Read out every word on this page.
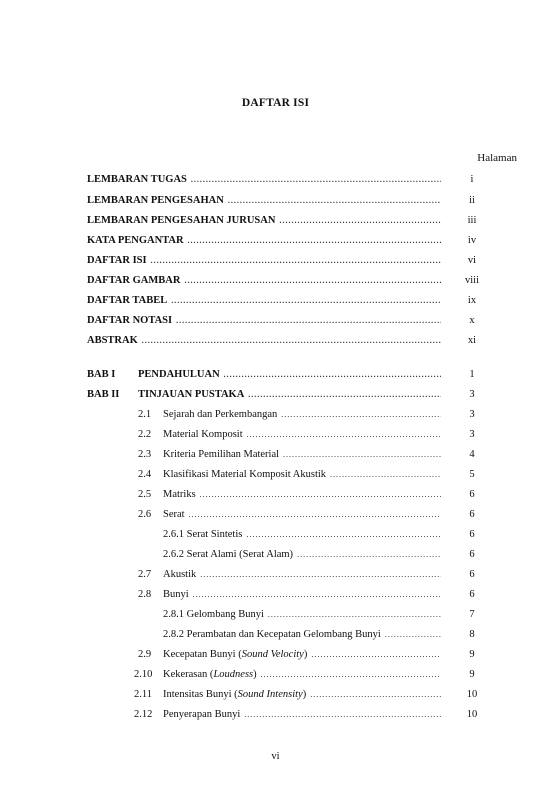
DAFTAR ISI
Halaman
LEMBARAN TUGAS .....	i
LEMBARAN PENGESAHAN .....	ii
LEMBARAN PENGESAHAN JURUSAN .....	iii
KATA PENGANTAR .....	iv
DAFTAR ISI .....	vi
DAFTAR GAMBAR .....	viii
DAFTAR TABEL .....	ix
DAFTAR NOTASI .....	x
ABSTRAK .....	xi
BAB I PENDAHULUAN .....	1
BAB II TINJAUAN PUSTAKA .....	3
2.1 Sejarah dan Perkembangan .....	3
2.2 Material Komposit .....	3
2.3 Kriteria Pemilihan Material .....	4
2.4 Klasifikasi Material Komposit Akustik .....	5
2.5 Matriks .....	6
2.6 Serat .....	6
2.6.1 Serat Sintetis .....	6
2.6.2 Serat Alami (Serat Alam) .....	6
2.7 Akustik .....	6
2.8 Bunyi .....	6
2.8.1 Gelombang Bunyi .....	7
2.8.2 Perambatan dan Kecepatan Gelombang Bunyi .....	8
2.9 Kecepatan Bunyi (Sound Velocity) .....	9
2.10 Kekerasan (Loudness) .....	9
2.11 Intensitas Bunyi (Sound Intensity) .....	10
2.12 Penyerapan Bunyi .....	10
vi
